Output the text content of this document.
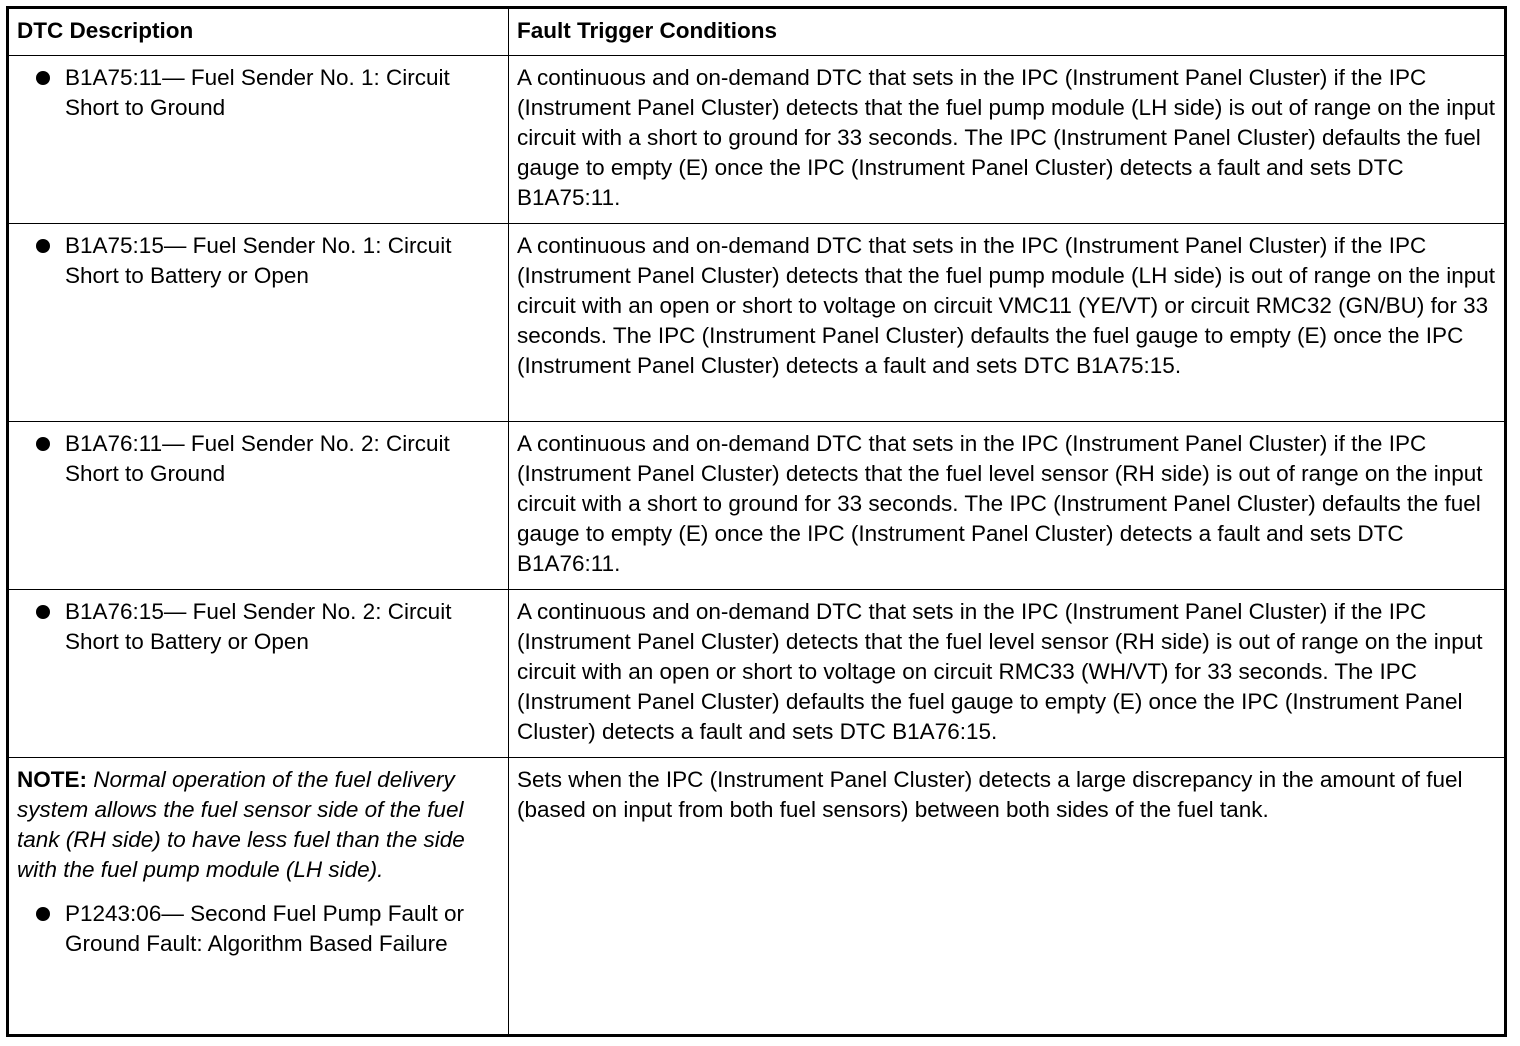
DTC Description	Fault Trigger Conditions

B1A75:11— Fuel Sender No. 1: Circuit Short to Ground	A continuous and on-demand DTC that sets in the IPC (Instrument Panel Cluster) if the IPC (Instrument Panel Cluster) detects that the fuel pump module (LH side) is out of range on the input circuit with a short to ground for 33 seconds. The IPC (Instrument Panel Cluster) defaults the fuel gauge to empty (E) once the IPC (Instrument Panel Cluster) detects a fault and sets DTC B1A75:11.

B1A75:15— Fuel Sender No. 1: Circuit Short to Battery or Open	A continuous and on-demand DTC that sets in the IPC (Instrument Panel Cluster) if the IPC (Instrument Panel Cluster) detects that the fuel pump module (LH side) is out of range on the input circuit with an open or short to voltage on circuit VMC11 (YE/VT) or circuit RMC32 (GN/BU) for 33 seconds. The IPC (Instrument Panel Cluster) defaults the fuel gauge to empty (E) once the IPC (Instrument Panel Cluster) detects a fault and sets DTC B1A75:15.

B1A76:11— Fuel Sender No. 2: Circuit Short to Ground	A continuous and on-demand DTC that sets in the IPC (Instrument Panel Cluster) if the IPC (Instrument Panel Cluster) detects that the fuel level sensor (RH side) is out of range on the input circuit with a short to ground for 33 seconds. The IPC (Instrument Panel Cluster) defaults the fuel gauge to empty (E) once the IPC (Instrument Panel Cluster) detects a fault and sets DTC B1A76:11.

B1A76:15— Fuel Sender No. 2: Circuit Short to Battery or Open	A continuous and on-demand DTC that sets in the IPC (Instrument Panel Cluster) if the IPC (Instrument Panel Cluster) detects that the fuel level sensor (RH side) is out of range on the input circuit with an open or short to voltage on circuit RMC33 (WH/VT) for 33 seconds. The IPC (Instrument Panel Cluster) defaults the fuel gauge to empty (E) once the IPC (Instrument Panel Cluster) detects a fault and sets DTC B1A76:15.

NOTE: Normal operation of the fuel delivery system allows the fuel sensor side of the fuel tank (RH side) to have less fuel than the side with the fuel pump module (LH side).
P1243:06— Second Fuel Pump Fault or Ground Fault: Algorithm Based Failure	Sets when the IPC (Instrument Panel Cluster) detects a large discrepancy in the amount of fuel (based on input from both fuel sensors) between both sides of the fuel tank.
